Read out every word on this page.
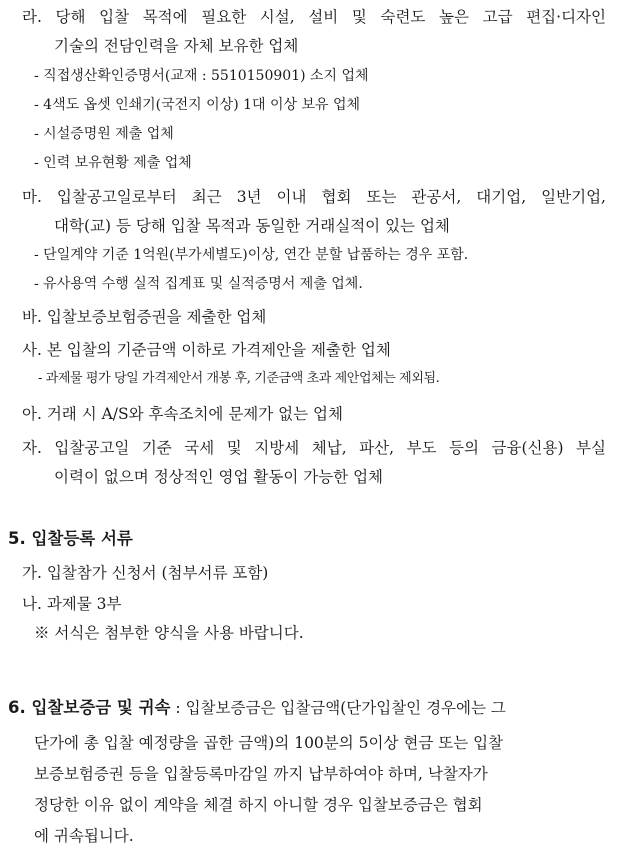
라. 당해 입찰 목적에 필요한 시설, 설비 및 숙련도 높은 고급 편집·디자인
기술의 전담인력을 자체 보유한 업체
- 직접생산확인증명서(교재 : 5510150901) 소지 업체
- 4색도 옵셋 인쇄기(국전지 이상) 1대 이상 보유 업체
- 시설증명원 제출 업체
- 인력 보유현황 제출 업체
마. 입찰공고일로부터 최근 3년 이내 협회 또는 관공서, 대기업, 일반기업,
대학(교) 등 당해 입찰 목적과 동일한 거래실적이 있는 업체
- 단일계약 기준 1억원(부가세별도)이상, 연간 분할 납품하는 경우 포함.
- 유사용역 수행 실적 집계표 및 실적증명서 제출 업체.
바. 입찰보증보험증권을 제출한 업체
사. 본 입찰의 기준금액 이하로 가격제안을 제출한 업체
- 과제물 평가 당일 가격제안서 개봉 후, 기준금액 초과 제안업체는 제외됨.
아. 거래 시 A/S와 후속조치에 문제가 없는 업체
자. 입찰공고일 기준 국세 및 지방세 체납, 파산, 부도 등의 금융(신용) 부실
이력이 없으며 정상적인 영업 활동이 가능한 업체
5. 입찰등록 서류
가. 입찰참가 신청서 (첨부서류 포함)
나. 과제물 3부
※ 서식은 첨부한 양식을 사용 바랍니다.
6. 입찰보증금 및 귀속 : 입찰보증금은 입찰금액(단가입찰인 경우에는 그
단가에 총 입찰 예정량을 곱한 금액)의 100분의 5이상 현금 또는 입찰
보증보험증권 등을 입찰등록마감일 까지 납부하여야 하며, 낙찰자가
정당한 이유 없이 계약을 체결 하지 아니할 경우 입찰보증금은 협회
에 귀속됩니다.
